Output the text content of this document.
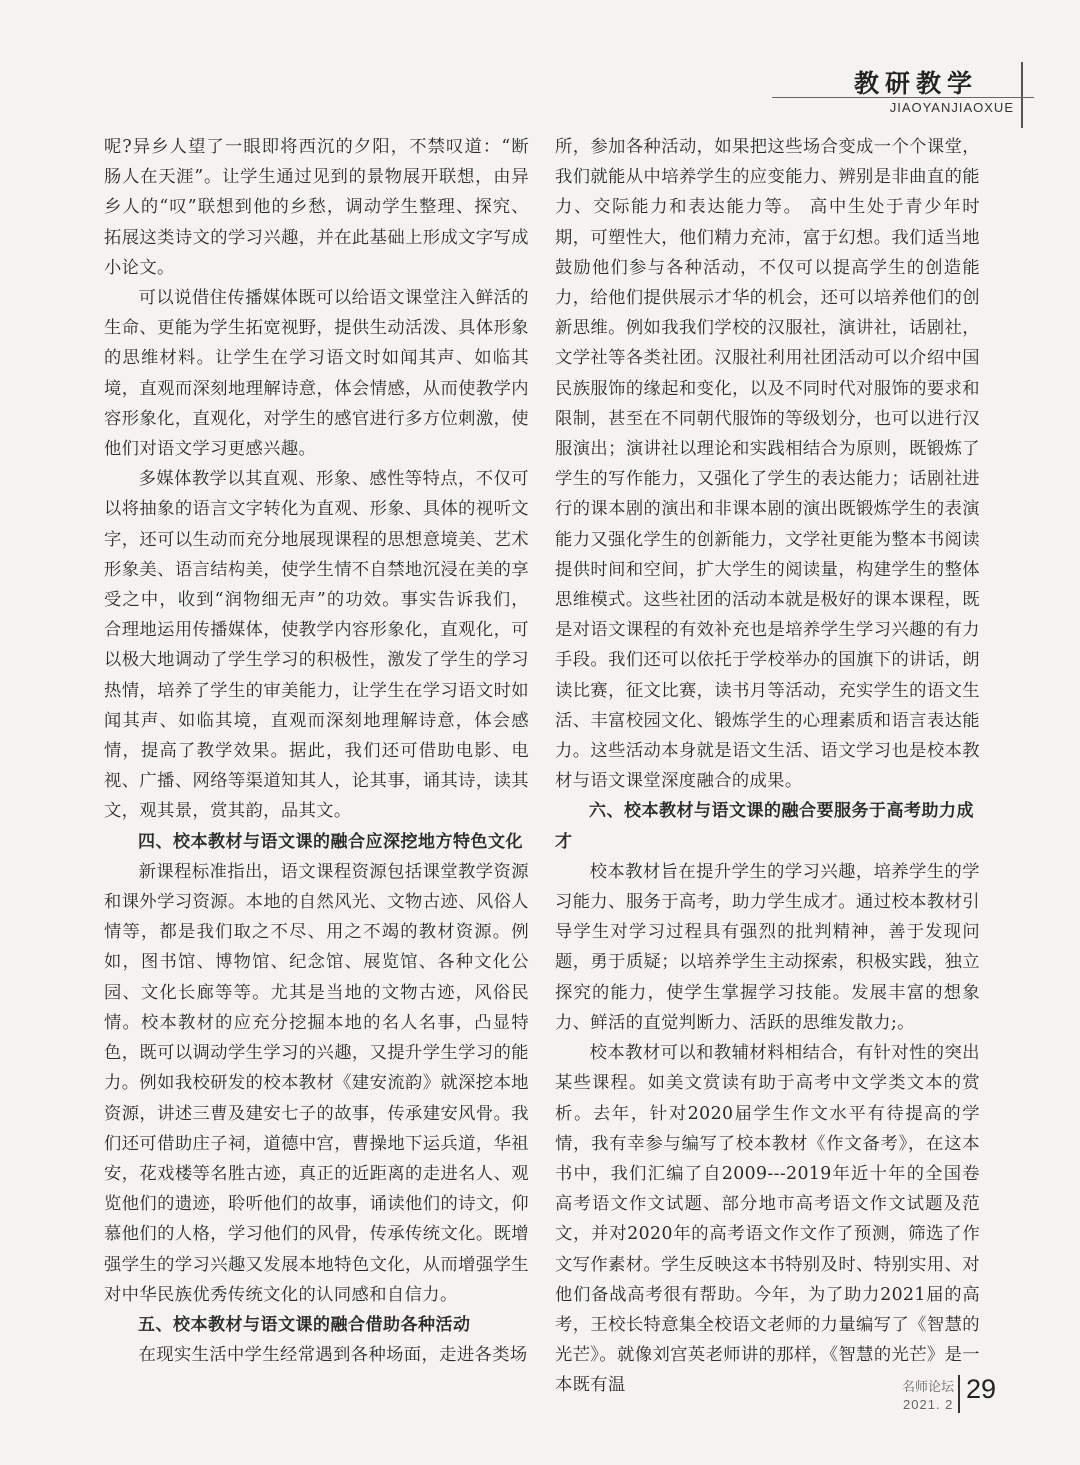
教研教学
JIAOYANJIAOXUE

呢?异乡人望了一眼即将西沉的夕阳，不禁叹道：“断肠人在天涯”。让学生通过见到的景物展开联想，由异乡人的“叹”联想到他的乡愁，调动学生整理、探究、拓展这类诗文的学习兴趣，并在此基础上形成文字写成小论文。

可以说借住传播媒体既可以给语文课堂注入鲜活的生命、更能为学生拓宽视野，提供生动活泼、具体形象的思维材料。让学生在学习语文时如闻其声、如临其境，直观而深刻地理解诗意，体会情感，从而使教学内容形象化，直观化，对学生的感官进行多方位刺激，使他们对语文学习更感兴趣。

多媒体教学以其直观、形象、感性等特点，不仅可以将抽象的语言文字转化为直观、形象、具体的视听文字，还可以生动而充分地展现课程的思想意境美、艺术形象美、语言结构美，使学生情不自禁地沉浸在美的享受之中，收到“润物细无声”的功效。事实告诉我们，合理地运用传播媒体，使教学内容形象化，直观化，可以极大地调动了学生学习的积极性，激发了学生的学习热情，培养了学生的审美能力，让学生在学习语文时如闻其声、如临其境，直观而深刻地理解诗意，体会感情，提高了教学效果。据此，我们还可借助电影、电视、广播、网络等渠道知其人，论其事，诵其诗，读其文，观其景，赏其韵，品其文。

四、校本教材与语文课的融合应深挖地方特色文化

新课程标准指出，语文课程资源包括课堂教学资源和课外学习资源。本地的自然风光、文物古迹、风俗人情等，都是我们取之不尽、用之不竭的教材资源。例如，图书馆、博物馆、纪念馆、展览馆、各种文化公园、文化长廊等等。尤其是当地的文物古迹，风俗民情。校本教材的应充分挖掘本地的名人名事，凸显特色，既可以调动学生学习的兴趣，又提升学生学习的能力。例如我校研发的校本教材《建安流韵》就深挖本地资源，讲述三曹及建安七子的故事，传承建安风骨。我们还可借助庄子祠，道德中宫，曹操地下运兵道，华祖安，花戏楼等名胜古迹，真正的近距离的走进名人、观览他们的遗迹，聆听他们的故事，诵读他们的诗文，仰慕他们的人格，学习他们的风骨，传承传统文化。既增强学生的学习兴趣又发展本地特色文化，从而增强学生对中华民族优秀传统文化的认同感和自信力。

五、校本教材与语文课的融合借助各种活动

在现实生活中学生经常遇到各种场面，走进各类场

所，参加各种活动，如果把这些场合变成一个个课堂，我们就能从中培养学生的应变能力、辨别是非曲直的能力、交际能力和表达能力等。 高中生处于青少年时期，可塑性大，他们精力充沛，富于幻想。我们适当地鼓励他们参与各种活动，不仅可以提高学生的创造能力，给他们提供展示才华的机会，还可以培养他们的创新思维。例如我我们学校的汉服社，演讲社，话剧社，文学社等各类社团。汉服社利用社团活动可以介绍中国民族服饰的缘起和变化，以及不同时代对服饰的要求和限制，甚至在不同朝代服饰的等级划分，也可以进行汉服演出；演讲社以理论和实践相结合为原则，既锻炼了学生的写作能力，又强化了学生的表达能力；话剧社进行的课本剧的演出和非课本剧的演出既锻炼学生的表演能力又强化学生的创新能力，文学社更能为整本书阅读提供时间和空间，扩大学生的阅读量，构建学生的整体思维模式。这些社团的活动本就是极好的课本课程，既是对语文课程的有效补充也是培养学生学习兴趣的有力手段。我们还可以依托于学校举办的国旗下的讲话，朗读比赛，征文比赛，读书月等活动，充实学生的语文生活、丰富校园文化、锻炼学生的心理素质和语言表达能力。这些活动本身就是语文生活、语文学习也是校本教材与语文课堂深度融合的成果。

六、校本教材与语文课的融合要服务于高考助力成才

校本教材旨在提升学生的学习兴趣，培养学生的学习能力、服务于高考，助力学生成才。通过校本教材引导学生对学习过程具有强烈的批判精神，善于发现问题，勇于质疑；以培养学生主动探索，积极实践，独立探究的能力，使学生掌握学习技能。发展丰富的想象力、鲜活的直觉判断力、活跃的思维发散力;。

校本教材可以和教辅材料相结合，有针对性的突出某些课程。如美文赏读有助于高考中文学类文本的赏析。去年，针对2020届学生作文水平有待提高的学情，我有幸参与编写了校本教材《作文备考》，在这本书中，我们汇编了自2009---2019年近十年的全国卷高考语文作文试题、部分地市高考语文作文试题及范文，并对2020年的高考语文作文作了预测，筛选了作文写作素材。学生反映这本书特别及时、特别实用、对他们备战高考很有帮助。今年，为了助力2021届的高考，王校长特意集全校语文老师的力量编写了《智慧的光芒》。就像刘宫英老师讲的那样，《智慧的光芒》是一本既有温	名师论坛
2021. 2
29
